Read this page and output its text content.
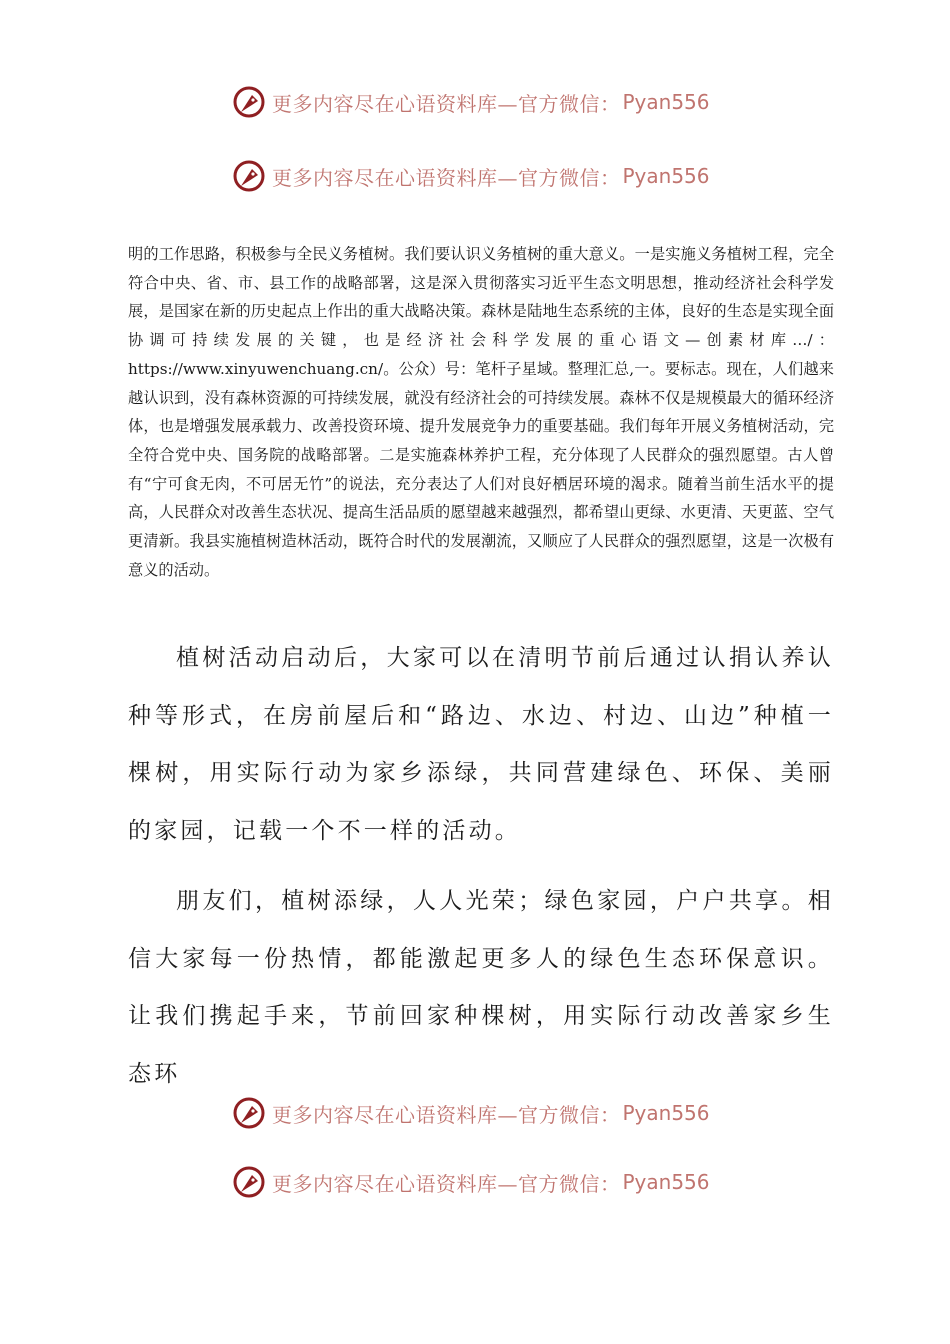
更多内容尽在心语资料库—官方微信： Pyan556
更多内容尽在心语资料库—官方微信： Pyan556

明的工作思路，积极参与全民义务植树。我们要认识义务植树的重大意义。一是实施义务植树工程，完全符合中央、省、市、县工作的战略部署，这是深入贯彻落实习近平生态文明思想，推动经济社会科学发展，是国家在新的历史起点上作出的重大战略决策。森林是陆地生态系统的主体，良好的生态是实现全面协调可持续发展的关键，也是经济社会科学发展的重心语文—创素材库…/：https://www.xinyuwenchuang.cn/。公众）号：笔杆子星域。整理汇总,一。要标志。现在，人们越来越认识到，没有森林资源的可持续发展，就没有经济社会的可持续发展。森林不仅是规模最大的循环经济体，也是增强发展承载力、改善投资环境、提升发展竞争力的重要基础。我们每年开展义务植树活动，完全符合党中央、国务院的战略部署。二是实施森林养护工程，充分体现了人民群众的强烈愿望。古人曾有“宁可食无肉，不可居无竹”的说法，充分表达了人们对良好栖居环境的渴求。随着当前生活水平的提高，人民群众对改善生态状况、提高生活品质的愿望越来越强烈，都希望山更绿、水更清、天更蓝、空气更清新。我县实施植树造林活动，既符合时代的发展潮流，又顺应了人民群众的强烈愿望，这是一次极有意义的活动。

植树活动启动后，大家可以在清明节前后通过认捐认养认种等形式，在房前屋后和“路边、水边、村边、山边”种植一棵树，用实际行动为家乡添绿，共同营建绿色、环保、美丽的家园，记载一个不一样的活动。

朋友们，植树添绿，人人光荣；绿色家园，户户共享。相信大家每一份热情，都能激起更多人的绿色生态环保意识。让我们携起手来，节前回家种棵树，用实际行动改善家乡生态环

更多内容尽在心语资料库—官方微信： Pyan556
更多内容尽在心语资料库—官方微信： Pyan556
